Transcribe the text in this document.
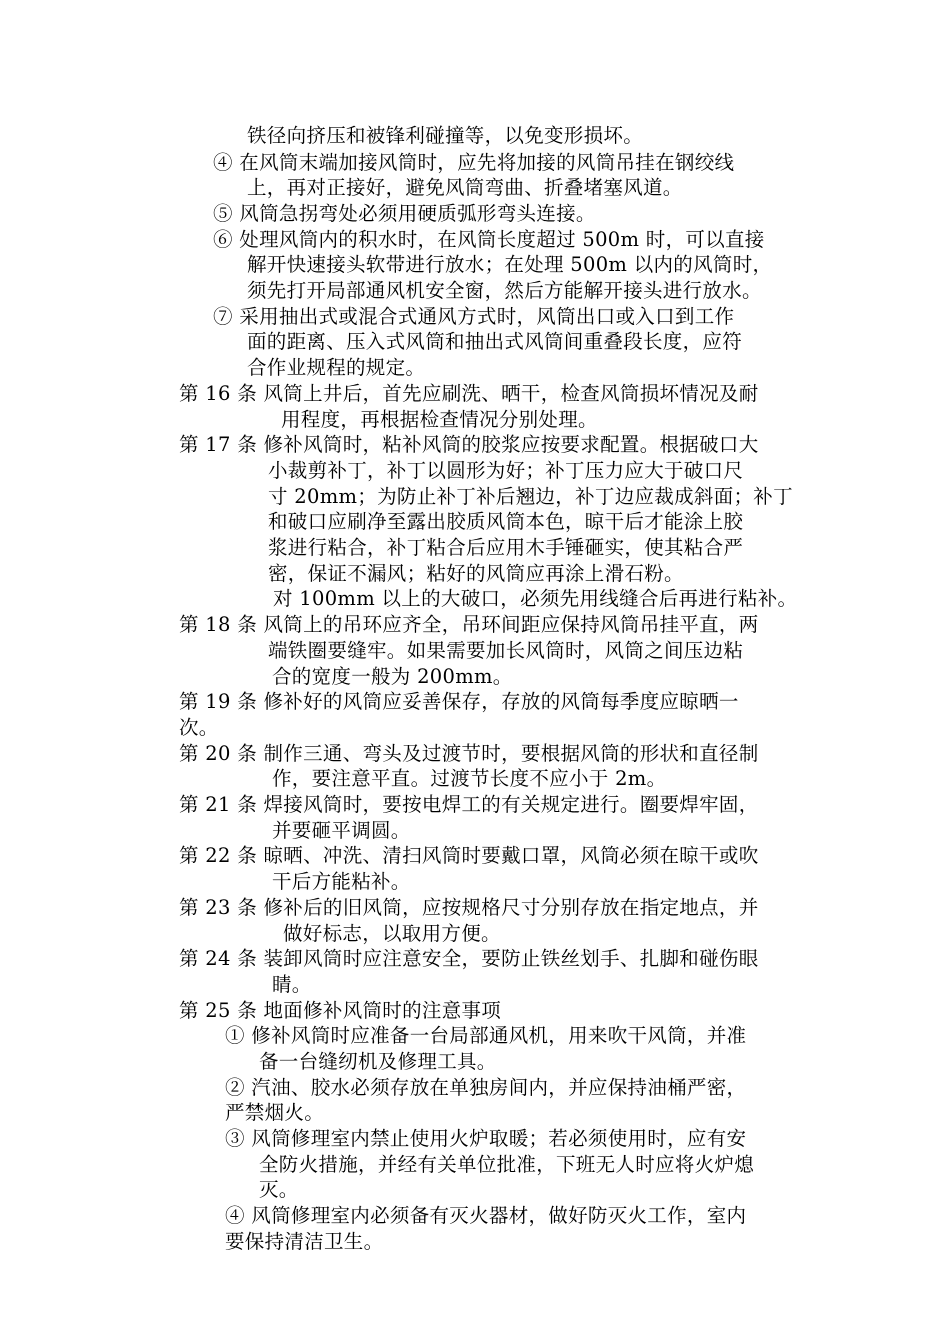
铁径向挤压和被锋利碰撞等，以免变形损坏。
④ 在风筒末端加接风筒时，应先将加接的风筒吊挂在钢绞线
上，再对正接好，避免风筒弯曲、折叠堵塞风道。
⑤ 风筒急拐弯处必须用硬质弧形弯头连接。
⑥ 处理风筒内的积水时，在风筒长度超过 500m 时，可以直接
解开快速接头软带进行放水；在处理 500m 以内的风筒时，
须先打开局部通风机安全窗，然后方能解开接头进行放水。
⑦ 采用抽出式或混合式通风方式时，风筒出口或入口到工作
面的距离、压入式风筒和抽出式风筒间重叠段长度，应符
合作业规程的规定。
第 16 条 风筒上井后，首先应刷洗、晒干，检查风筒损坏情况及耐
用程度，再根据检查情况分别处理。
第 17 条 修补风筒时，粘补风筒的胶浆应按要求配置。根据破口大
小裁剪补丁，补丁以圆形为好；补丁压力应大于破口尺
寸 20mm；为防止补丁补后翘边，补丁边应裁成斜面；补丁
和破口应刷净至露出胶质风筒本色，晾干后才能涂上胶
浆进行粘合，补丁粘合后应用木手锤砸实，使其粘合严
密，保证不漏风；粘好的风筒应再涂上滑石粉。
对 100mm 以上的大破口，必须先用线缝合后再进行粘补。
第 18 条 风筒上的吊环应齐全，吊环间距应保持风筒吊挂平直，两
端铁圈要缝牢。如果需要加长风筒时，风筒之间压边粘
合的宽度一般为 200mm。
第 19 条 修补好的风筒应妥善保存，存放的风筒每季度应晾晒一
次。
第 20 条 制作三通、弯头及过渡节时，要根据风筒的形状和直径制
作，要注意平直。过渡节长度不应小于 2m。
第 21 条 焊接风筒时，要按电焊工的有关规定进行。圈要焊牢固，
并要砸平调圆。
第 22 条 晾晒、冲洗、清扫风筒时要戴口罩，风筒必须在晾干或吹
干后方能粘补。
第 23 条 修补后的旧风筒，应按规格尺寸分别存放在指定地点，并
做好标志，以取用方便。
第 24 条 装卸风筒时应注意安全，要防止铁丝划手、扎脚和碰伤眼
睛。
第 25 条 地面修补风筒时的注意事项
① 修补风筒时应准备一台局部通风机，用来吹干风筒，并准
备一台缝纫机及修理工具。
② 汽油、胶水必须存放在单独房间内，并应保持油桶严密，
严禁烟火。
③ 风筒修理室内禁止使用火炉取暖；若必须使用时，应有安
全防火措施，并经有关单位批准，下班无人时应将火炉熄
灭。
④ 风筒修理室内必须备有灭火器材，做好防灭火工作，室内
要保持清洁卫生。
